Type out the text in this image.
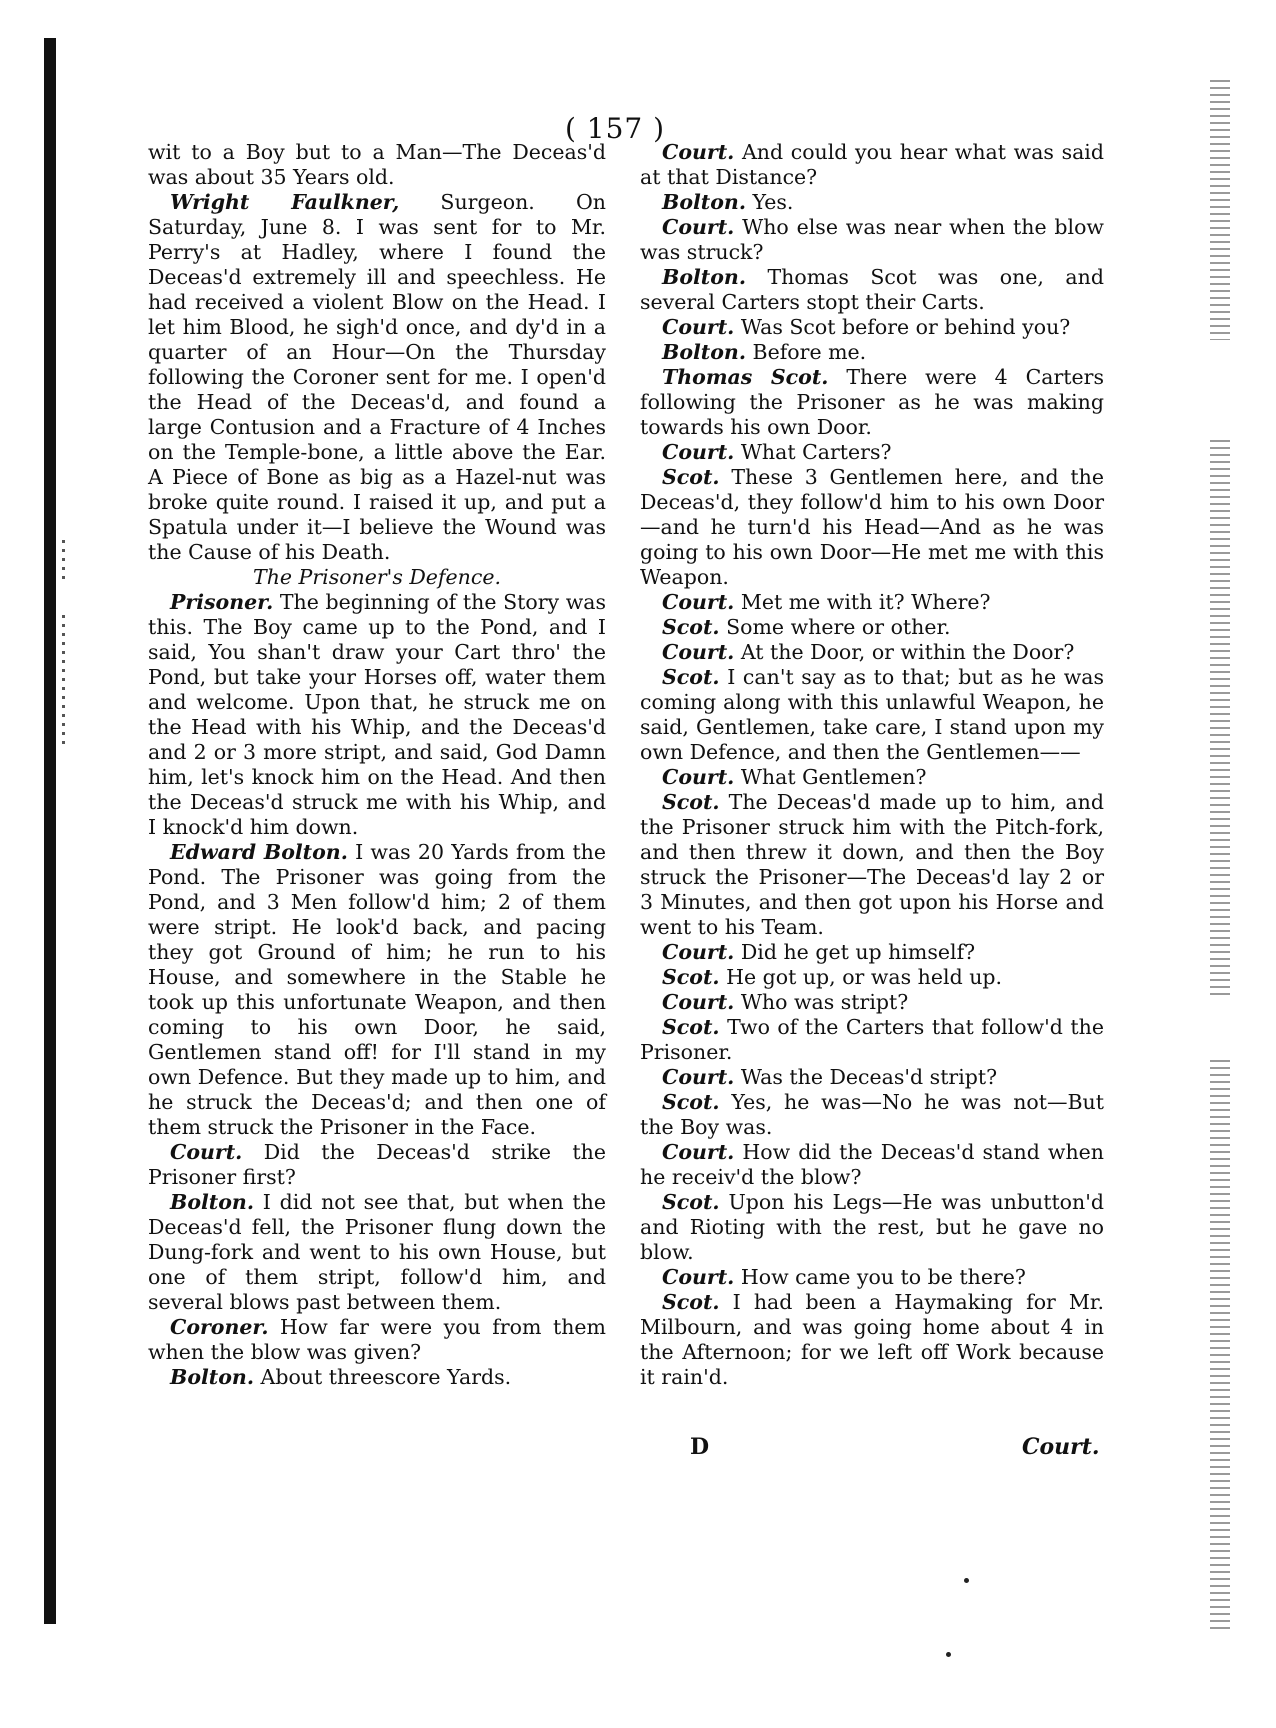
( 157 )

wit to a Boy but to a Man—The Deceas'd was about 35 Years old.

Wright Faulkner, Surgeon. On Saturday, June 8. I was sent for to Mr. Perry's at Hadley, where I found the Deceas'd extremely ill and speechless. He had received a violent Blow on the Head. I let him Blood, he sigh'd once, and dy'd in a quarter of an Hour—On the Thursday following the Coroner sent for me. I open'd the Head of the Deceas'd, and found a large Contusion and a Fracture of 4 Inches on the Temple-bone, a little above the Ear. A Piece of Bone as big as a Hazel-nut was broke quite round. I raised it up, and put a Spatula under it—I believe the Wound was the Cause of his Death.

The Prisoner's Defence.

Prisoner. The beginning of the Story was this. The Boy came up to the Pond, and I said, You shan't draw your Cart thro' the Pond, but take your Horses off, water them and welcome. Upon that, he struck me on the Head with his Whip, and the Deceas'd and 2 or 3 more stript, and said, God Damn him, let's knock him on the Head. And then the Deceas'd struck me with his Whip, and I knock'd him down.

Edward Bolton. I was 20 Yards from the Pond. The Prisoner was going from the Pond, and 3 Men follow'd him; 2 of them were stript. He look'd back, and pacing they got Ground of him; he run to his House, and somewhere in the Stable he took up this unfortunate Weapon, and then coming to his own Door, he said, Gentlemen stand off! for I'll stand in my own Defence. But they made up to him, and he struck the Deceas'd; and then one of them struck the Prisoner in the Face.

Court. Did the Deceas'd strike the Prisoner first?

Bolton. I did not see that, but when the Deceas'd fell, the Prisoner flung down the Dung-fork and went to his own House, but one of them stript, follow'd him, and several blows past between them.

Coroner. How far were you from them when the blow was given?

Bolton. About threescore Yards.

Court. And could you hear what was said at that Distance?

Bolton. Yes.

Court. Who else was near when the blow was struck?

Bolton. Thomas Scot was one, and several Carters stopt their Carts.

Court. Was Scot before or behind you?

Bolton. Before me.

Thomas Scot. There were 4 Carters following the Prisoner as he was making towards his own Door.

Court. What Carters?

Scot. These 3 Gentlemen here, and the Deceas'd, they follow'd him to his own Door—and he turn'd his Head—And as he was going to his own Door—He met me with this Weapon.

Court. Met me with it? Where?

Scot. Some where or other.

Court. At the Door, or within the Door?

Scot. I can't say as to that; but as he was coming along with this unlawful Weapon, he said, Gentlemen, take care, I stand upon my own Defence, and then the Gentlemen——

Court. What Gentlemen?

Scot. The Deceas'd made up to him, and the Prisoner struck him with the Pitch-fork, and then threw it down, and then the Boy struck the Prisoner—The Deceas'd lay 2 or 3 Minutes, and then got upon his Horse and went to his Team.

Court. Did he get up himself?

Scot. He got up, or was held up.

Court. Who was stript?

Scot. Two of the Carters that follow'd the Prisoner.

Court. Was the Deceas'd stript?

Scot. Yes, he was—No he was not—But the Boy was.

Court. How did the Deceas'd stand when he receiv'd the blow?

Scot. Upon his Legs—He was unbutton'd and Rioting with the rest, but he gave no blow.

Court. How came you to be there?

Scot. I had been a Haymaking for Mr. Milbourn, and was going home about 4 in the Afternoon; for we left off Work because it rain'd.

D	Court.
